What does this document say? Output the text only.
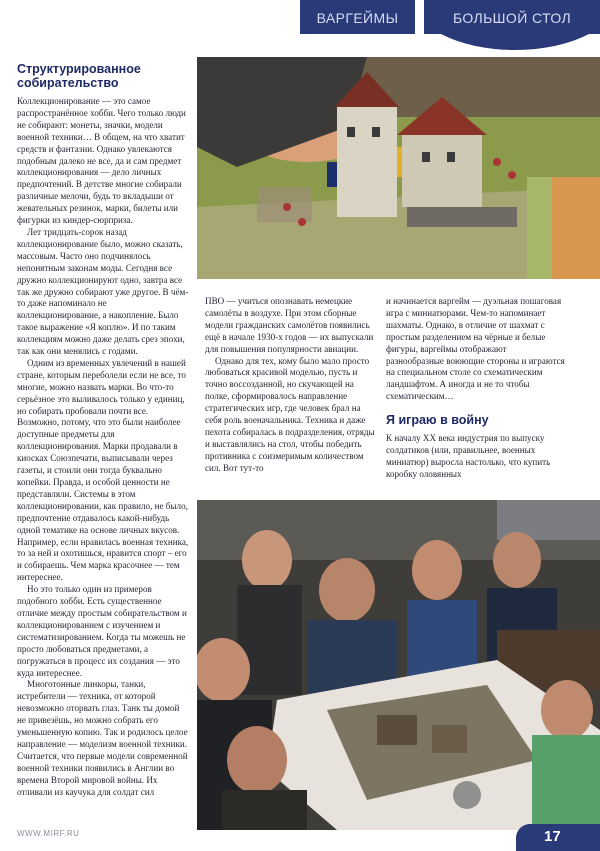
ВАРГЕЙМЫ	БОЛЬШОЙ СТОЛ
Структурированное собирательство

Коллекционирование — это самое распространённое хобби. Чего только люди не собирают: монеты, значки, модели военной техники… В общем, на что хватит средств и фантазии. Однако увлекаются подобным далеко не все, да и сам предмет коллекционирования — дело личных предпочтений. В детстве многие собирали различные мелочи, будь то вкладыши от жевательных резинок, марки, билеты или фигурки из киндер-сюрприза.

Лет тридцать-сорок назад коллекционирование было, можно сказать, массовым. Часто оно подчинялось непонятным законам моды. Сегодня все дружно коллекционируют одно, завтра все так же дружно собирают уже другое. В чём-то даже напоминало не коллекционирование, а накопление. Было такое выражение «Я коплю». И по таким коллекциям можно даже делать срез эпохи, так как они менялись с годами.

Одним из временных увлечений в нашей стране, которым переболели если не все, то многие, можно назвать марки. Во что-то серьёзное это выливалось только у единиц, но собирать пробовали почти все. Возможно, потому, что это были наиболее доступные предметы для коллекционирования. Марки продавали в киосках Союзпечати, выписывали через газеты, и стоили они тогда буквально копейки. Правда, и особой ценности не представляли. Системы в этом коллекционировании, как правило, не было, предпочтение отдавалось какой-нибудь одной тематике на основе личных вкусов. Например, если нравилась военная техника, то за ней и охотишься, нравится спорт – его и собираешь. Чем марка красочнее — тем интереснее.

Но это только один из примеров подобного хобби. Есть существенное отличие между простым собирательством и коллекционированием с изучением и систематизированием. Когда ты можешь не просто любоваться предметами, а погружаться в процесс их создания — это куда интереснее.

Многотонные линкоры, танки, истребители — техника, от которой невозможно оторвать глаз. Танк ты домой не привезёшь, но можно собрать его уменьшенную копию. Так и родилось целое направление — моделизм военной техники. Считается, что первые модели современной военной техники появились в Англии во времена Второй мировой войны. Их отливали из каучука для солдат сил

ПВО — учиться опознавать немецкие самолёты в воздухе. При этом сборные модели гражданских самолётов появились ещё в начале 1930-х годов — их выпускали для повышения популярности авиации.

Однако для тех, кому было мало просто любоваться красивой моделью, пусть и точно воссозданной, но скучающей на полке, сформировалось направление стратегических игр, где человек брал на себя роль военачальника. Техника и даже пехота собиралась в подразделения, отряды и выставлялись на стол, чтобы победить противника с соизмеримым количеством сил. Вот тут-то

и начинается варгейм — дуэльная пошаговая игра с миниатюрами. Чем-то напоминает шахматы. Однако, в отличие от шахмат с простым разделением на чёрные и белые фигуры, варгеймы отображают разнообразные воюющие стороны и играются на специальном столе со схематическим ландшафтом. А иногда и не то чтобы схематическим…

Я играю в войну

К началу XX века индустрия по выпуску солдатиков (или, правильнее, военных миниатюр) выросла настолько, что купить коробку оловянных

WWW.MIRF.RU	17
